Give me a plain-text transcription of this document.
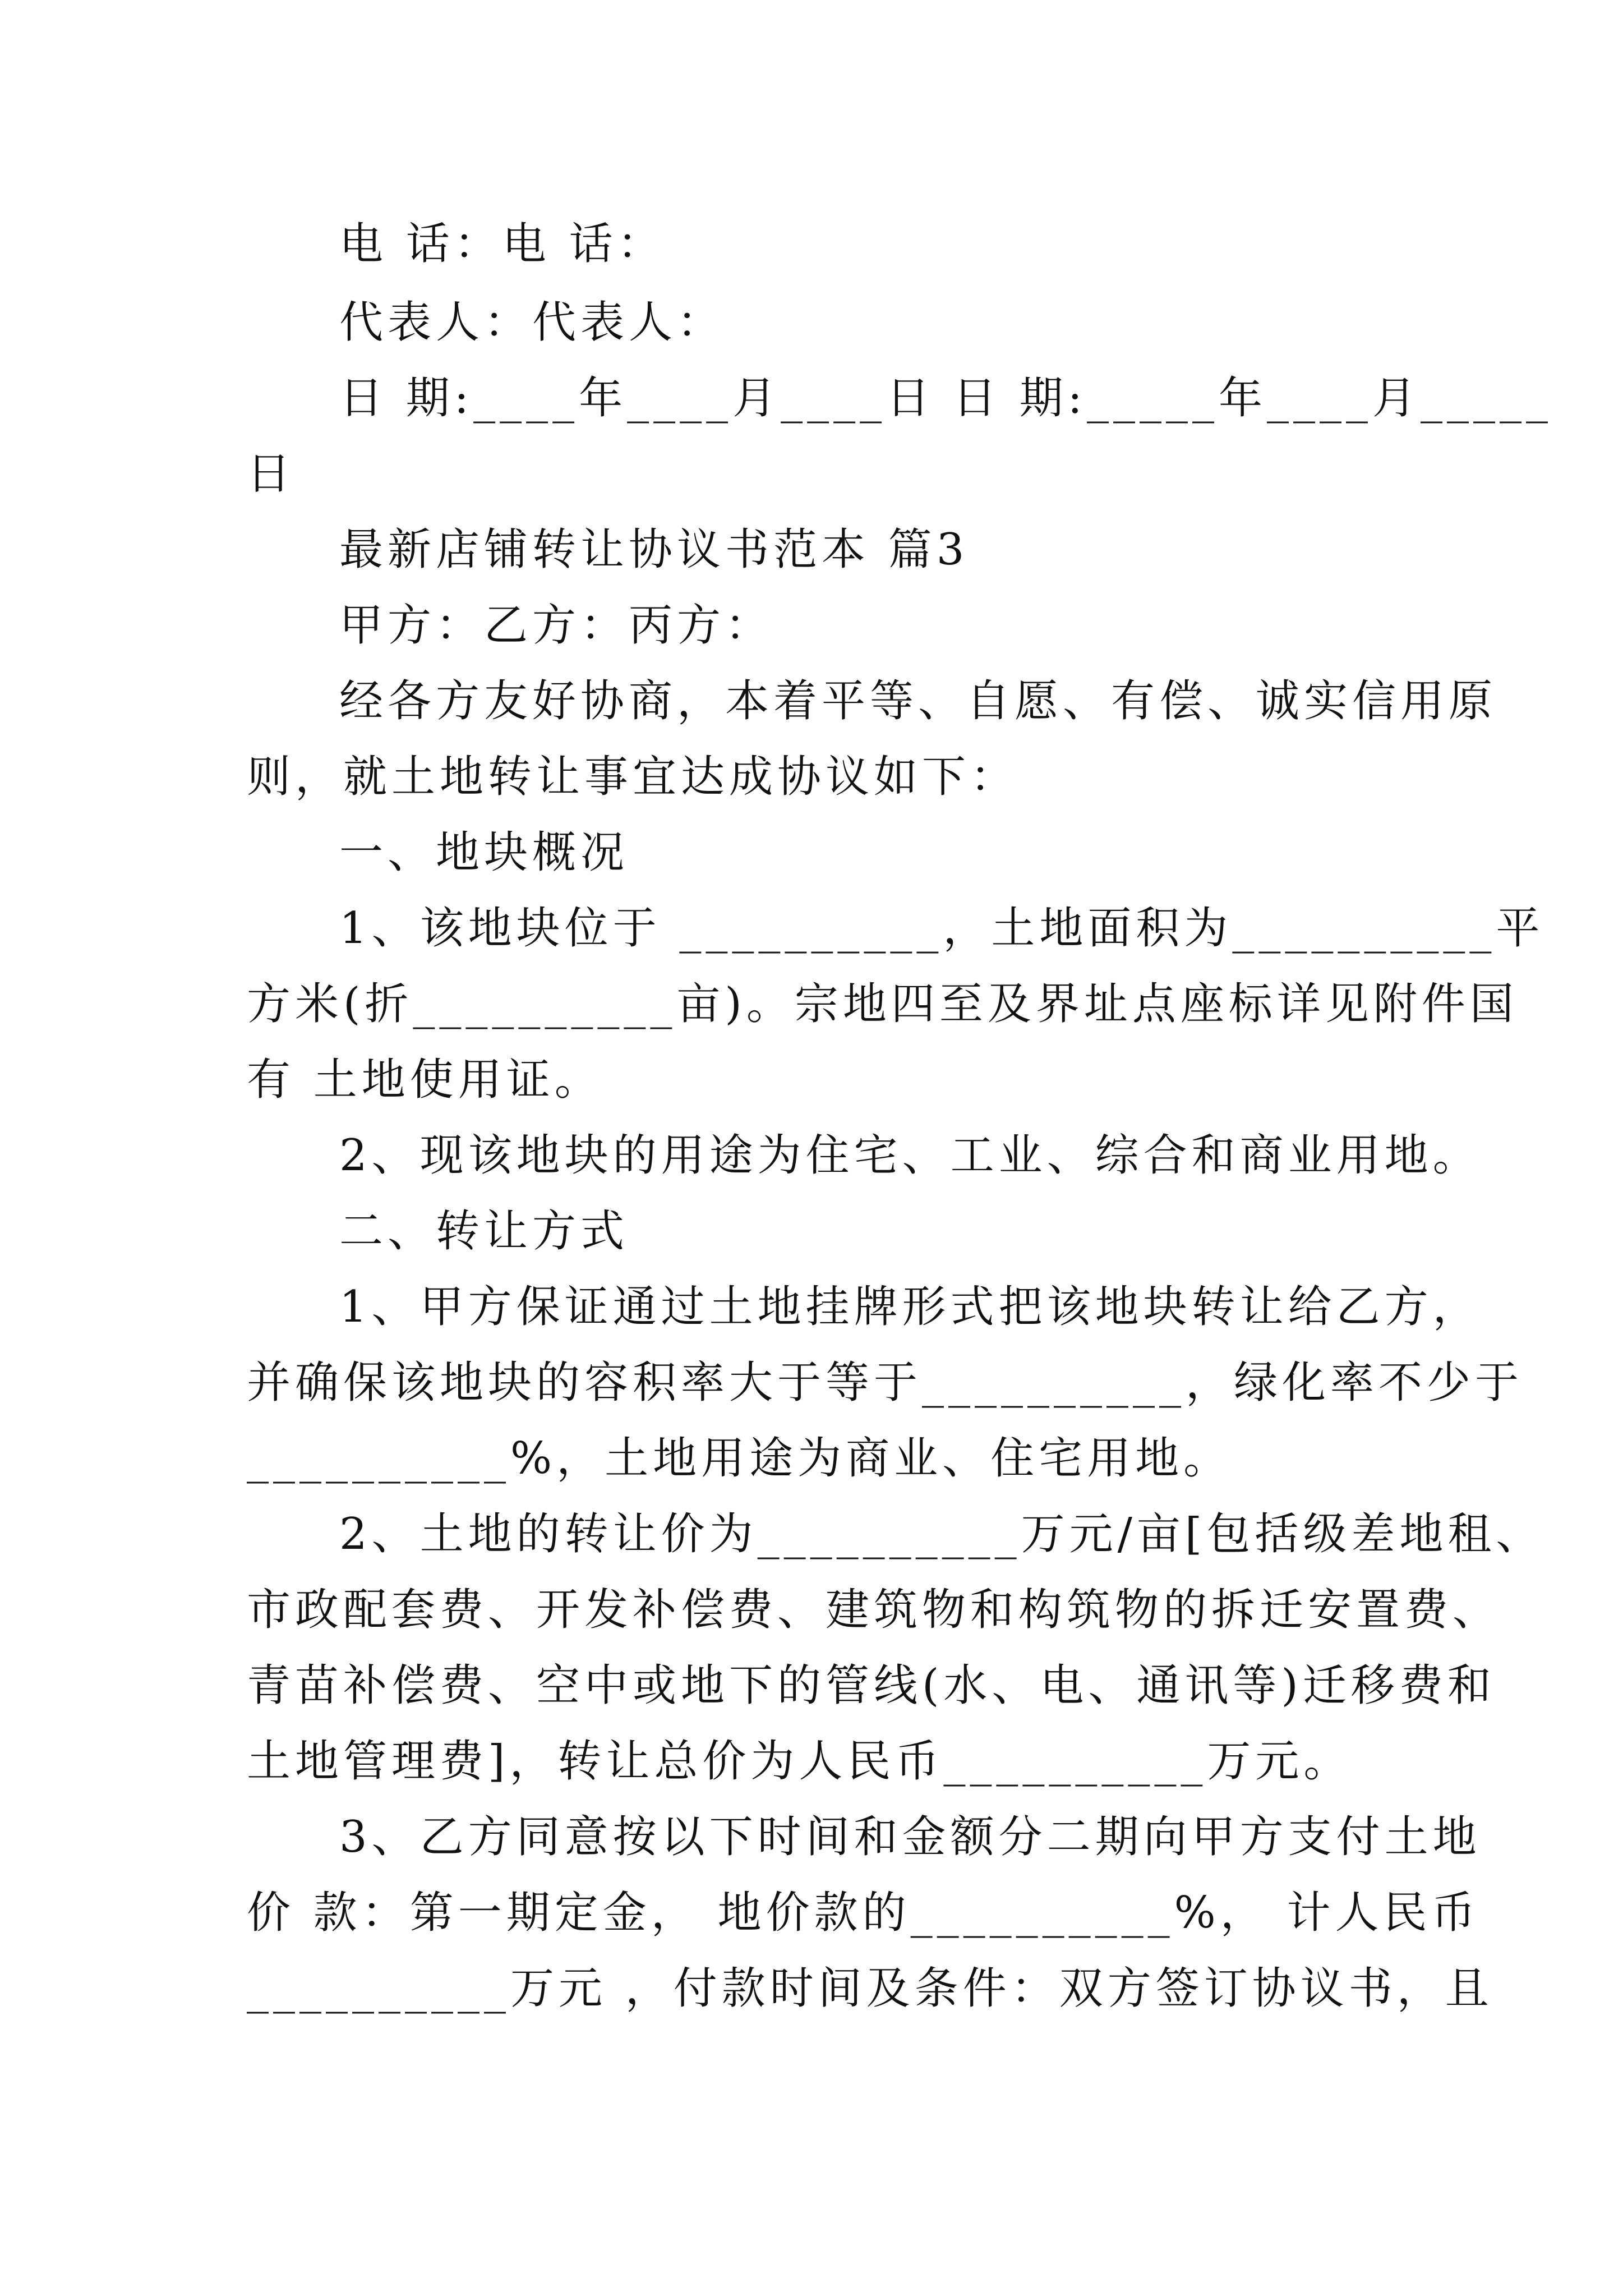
电 话：电 话：
代表人：代表人：
日 期:____年____月____日 日 期:_____年____月_____
日
最新店铺转让协议书范本 篇3
甲方：乙方：丙方：
经各方友好协商，本着平等、自愿、有偿、诚实信用原
则，就土地转让事宜达成协议如下：
一、地块概况
1、该地块位于 __________，土地面积为__________平
方米(折__________亩)。宗地四至及界址点座标详见附件国
有 土地使用证。
2、现该地块的用途为住宅、工业、综合和商业用地。
二、转让方式
1、甲方保证通过土地挂牌形式把该地块转让给乙方，
并确保该地块的容积率大于等于__________，绿化率不少于
__________%，土地用途为商业、住宅用地。
2、土地的转让价为__________万元/亩[包括级差地租、
市政配套费、开发补偿费、建筑物和构筑物的拆迁安置费、
青苗补偿费、空中或地下的管线(水、电、通讯等)迁移费和
土地管理费]，转让总价为人民币__________万元。
3、乙方同意按以下时间和金额分二期向甲方支付土地
价 款：第一期定金， 地价款的__________%， 计人民币
__________万元 ，付款时间及条件：双方签订协议书，且
